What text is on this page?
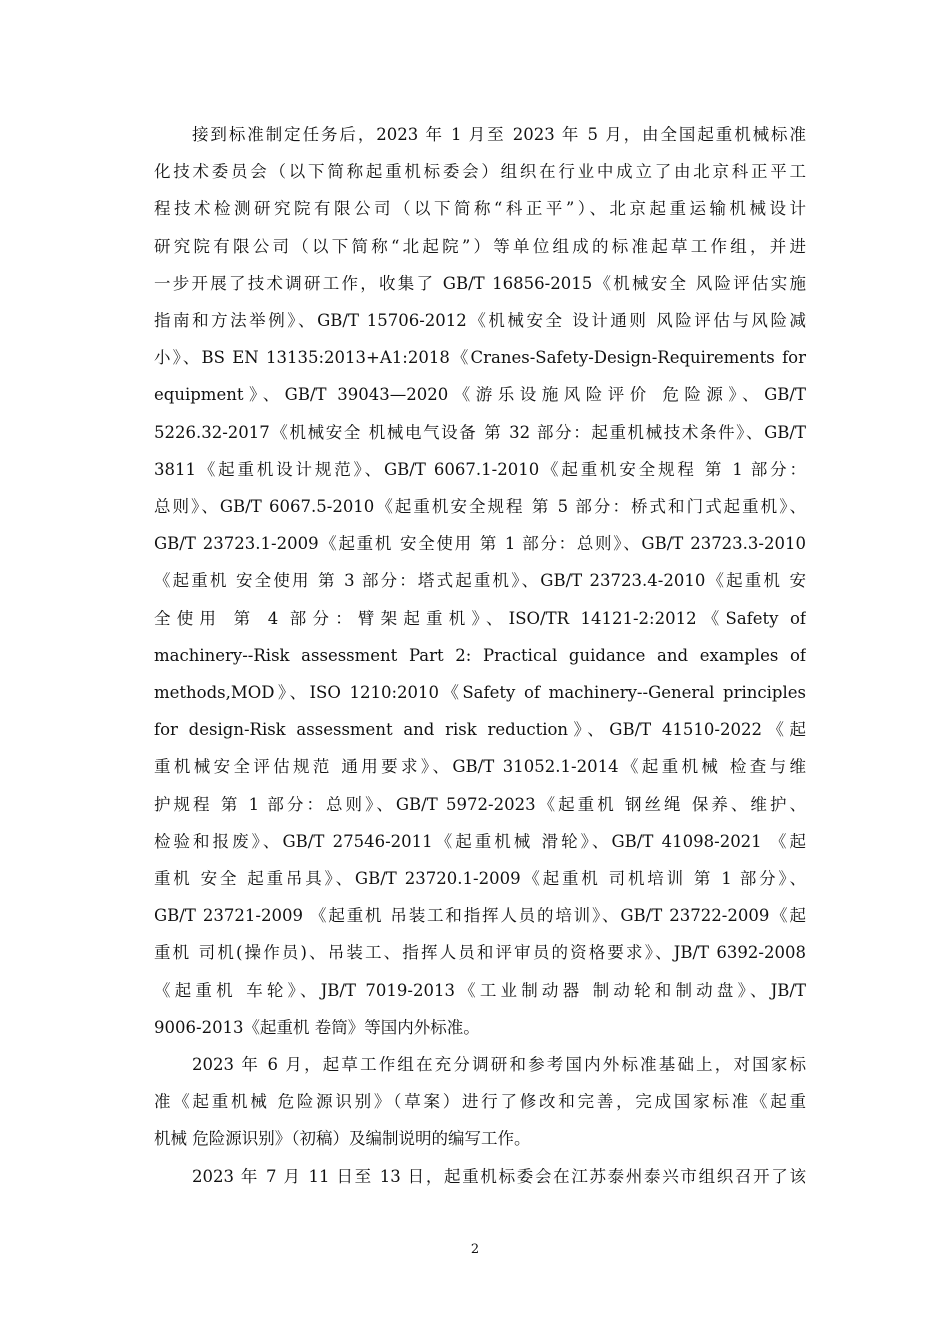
接到标准制定任务后，2023 年 1 月至 2023 年 5 月，由全国起重机械标准
化技术委员会（以下简称起重机标委会）组织在行业中成立了由北京科正平工
程技术检测研究院有限公司（以下简称“科正平”）、北京起重运输机械设计
研究院有限公司（以下简称“北起院”）等单位组成的标准起草工作组，并进
一步开展了技术调研工作，收集了 GB/T 16856-2015《机械安全 风险评估实施
指南和方法举例》、GB/T 15706-2012《机械安全 设计通则 风险评估与风险减
小》、BS EN 13135:2013+A1:2018《Cranes-Safety-Design-Requirements for
equipment》、GB/T 39043—2020《游乐设施风险评价 危险源》、GB/T
5226.32-2017《机械安全 机械电气设备 第 32 部分：起重机械技术条件》、GB/T
3811《起重机设计规范》、GB/T 6067.1-2010《起重机安全规程 第 1 部分：
总则》、GB/T 6067.5-2010《起重机安全规程 第 5 部分：桥式和门式起重机》、
GB/T 23723.1-2009《起重机 安全使用 第 1 部分：总则》、GB/T 23723.3-2010
《起重机 安全使用 第 3 部分：塔式起重机》、GB/T 23723.4-2010《起重机 安
全使用 第 4 部分：臂架起重机》、ISO/TR 14121-2:2012《Safety of
machinery--Risk assessment Part 2: Practical guidance and examples of
methods,MOD》、ISO 1210:2010《Safety of machinery--General principles
for design-Risk assessment and risk reduction》、GB/T 41510-2022《起
重机械安全评估规范 通用要求》、GB/T 31052.1-2014《起重机械 检查与维
护规程 第 1 部分：总则》、GB/T 5972-2023《起重机 钢丝绳 保养、维护、
检验和报废》、GB/T 27546-2011《起重机械 滑轮》、GB/T 41098-2021 《起
重机 安全 起重吊具》、GB/T 23720.1-2009《起重机 司机培训 第 1 部分》、
GB/T 23721-2009 《起重机 吊装工和指挥人员的培训》、GB/T 23722-2009《起
重机 司机(操作员)、吊装工、指挥人员和评审员的资格要求》、JB/T 6392-2008
《起重机 车轮》、JB/T 7019-2013《工业制动器 制动轮和制动盘》、JB/T
9006-2013《起重机 卷筒》等国内外标准。
2023 年 6 月，起草工作组在充分调研和参考国内外标准基础上，对国家标
准《起重机械 危险源识别》（草案）进行了修改和完善，完成国家标准《起重
机械 危险源识别》（初稿）及编制说明的编写工作。
2023 年 7 月 11 日至 13 日，起重机标委会在江苏泰州泰兴市组织召开了该
2
